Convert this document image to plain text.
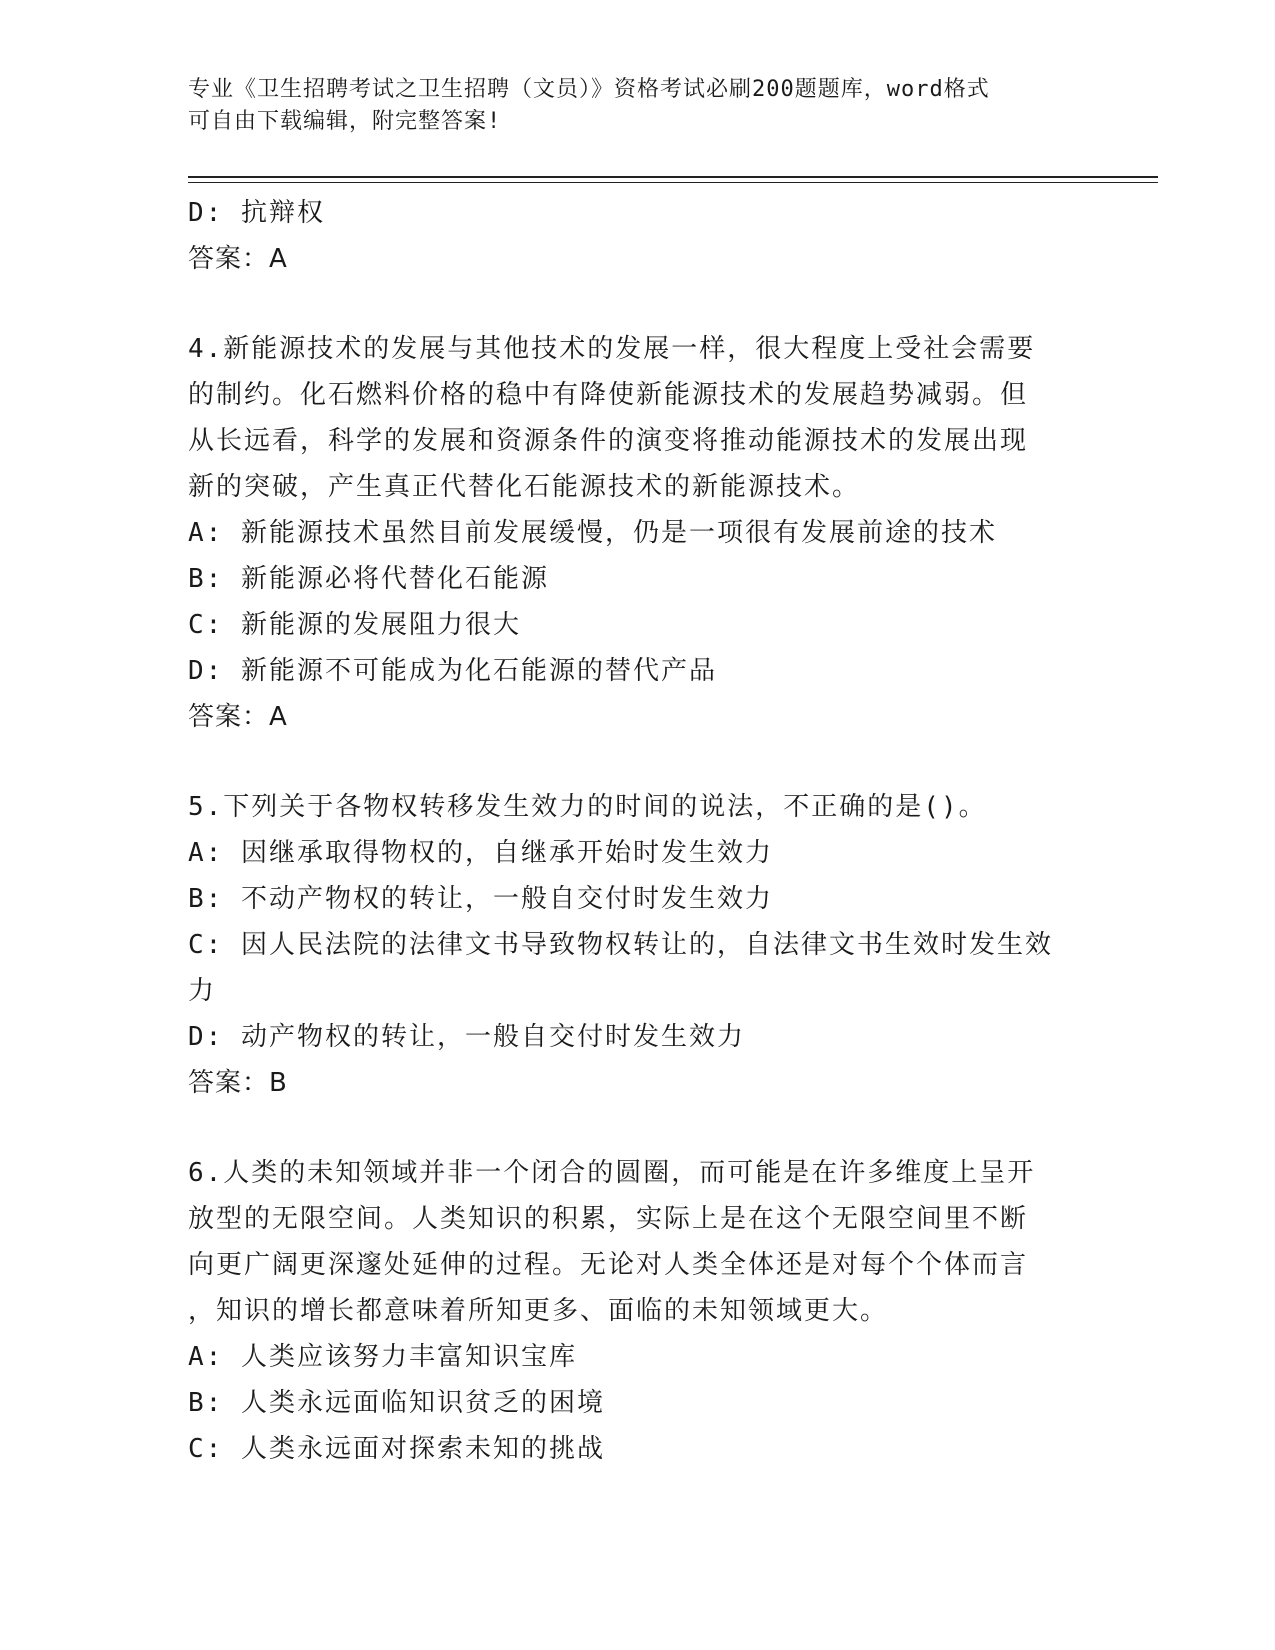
专业《卫生招聘考试之卫生招聘（文员）》资格考试必刷200题题库，word格式
可自由下载编辑，附完整答案!
D: 抗辩权
答案：A
4.新能源技术的发展与其他技术的发展一样，很大程度上受社会需要
的制约。化石燃料价格的稳中有降使新能源技术的发展趋势减弱。但
从长远看，科学的发展和资源条件的演变将推动能源技术的发展出现
新的突破，产生真正代替化石能源技术的新能源技术。
A: 新能源技术虽然目前发展缓慢，仍是一项很有发展前途的技术
B: 新能源必将代替化石能源
C: 新能源的发展阻力很大
D: 新能源不可能成为化石能源的替代产品
答案：A
5.下列关于各物权转移发生效力的时间的说法，不正确的是()。
A: 因继承取得物权的，自继承开始时发生效力
B: 不动产物权的转让，一般自交付时发生效力
C: 因人民法院的法律文书导致物权转让的，自法律文书生效时发生效
力
D: 动产物权的转让，一般自交付时发生效力
答案：B
6.人类的未知领域并非一个闭合的圆圈，而可能是在许多维度上呈开
放型的无限空间。人类知识的积累，实际上是在这个无限空间里不断
向更广阔更深邃处延伸的过程。无论对人类全体还是对每个个体而言
，知识的增长都意味着所知更多、面临的未知领域更大。
A: 人类应该努力丰富知识宝库
B: 人类永远面临知识贫乏的困境
C: 人类永远面对探索未知的挑战
